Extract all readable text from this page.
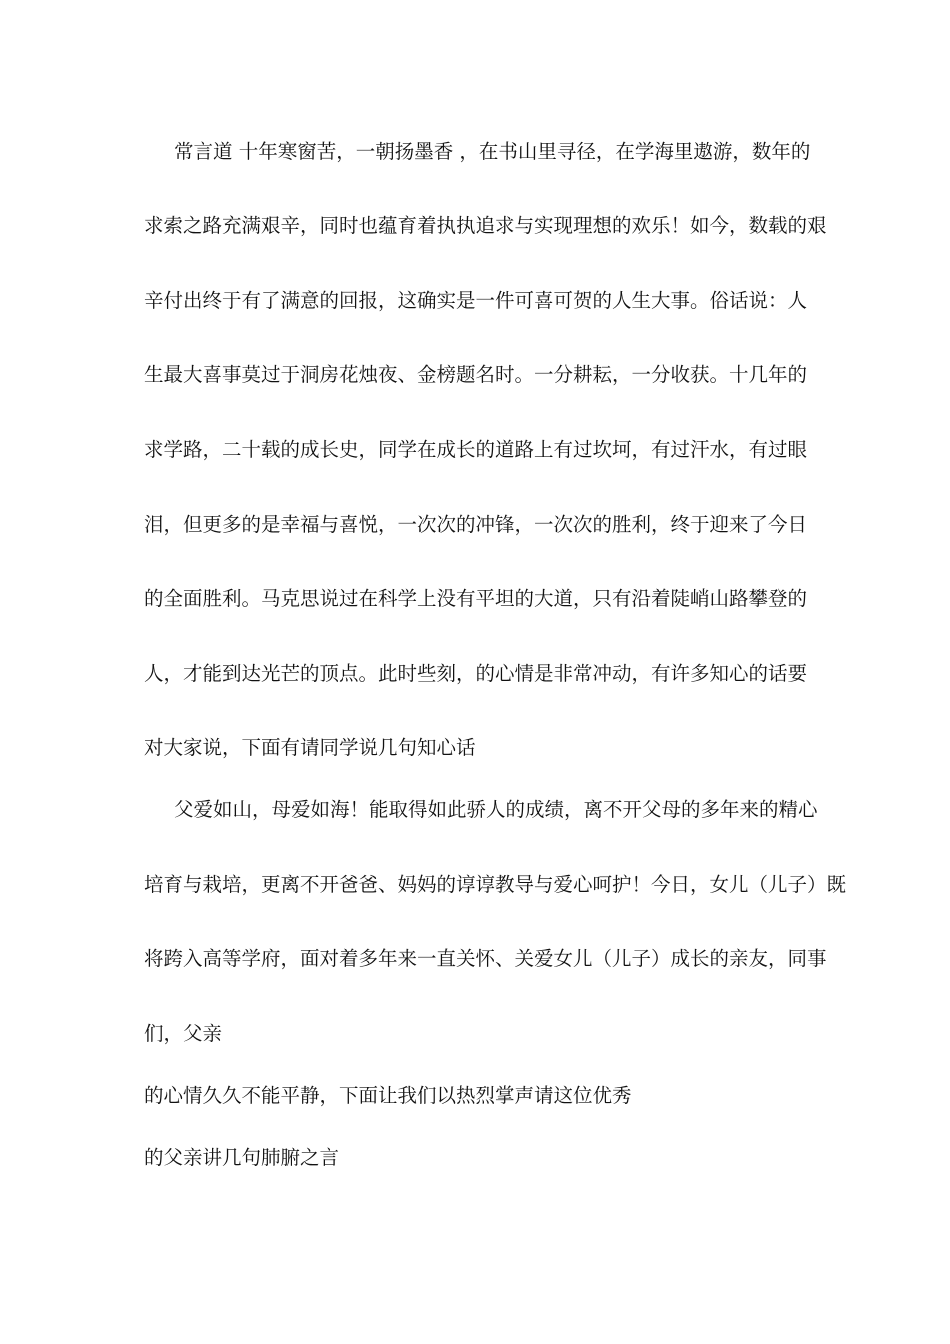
常言道 十年寒窗苦，一朝扬墨香 ，在书山里寻径，在学海里遨游，数年的

求索之路充满艰辛，同时也蕴育着执执追求与实现理想的欢乐！如今，数载的艰

辛付出终于有了满意的回报，这确实是一件可喜可贺的人生大事。俗话说：人

生最大喜事莫过于洞房花烛夜、金榜题名时。一分耕耘，一分收获。十几年的

求学路，二十载的成长史，同学在成长的道路上有过坎坷，有过汗水，有过眼

泪，但更多的是幸福与喜悦，一次次的冲锋，一次次的胜利，终于迎来了今日

的全面胜利。马克思说过在科学上没有平坦的大道，只有沿着陡峭山路攀登的

人，才能到达光芒的顶点。此时些刻，的心情是非常冲动，有许多知心的话要

对大家说，下面有请同学说几句知心话

父爱如山，母爱如海！能取得如此骄人的成绩，离不开父母的多年来的精心

培育与栽培，更离不开爸爸、妈妈的谆谆教导与爱心呵护！今日，女儿（儿子）既

将跨入高等学府，面对着多年来一直关怀、关爱女儿（儿子）成长的亲友，同事

们，父亲

的心情久久不能平静，下面让我们以热烈掌声请这位优秀

的父亲讲几句肺腑之言
